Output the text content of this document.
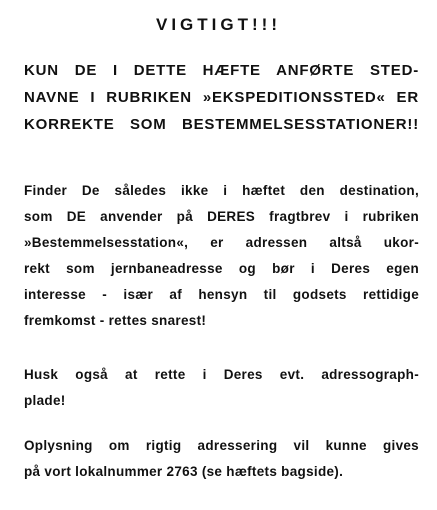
VIGTIGT!!!
KUN DE I DETTE HÆFTE ANFØRTE STED-
NAVNE I RUBRIKEN »EKSPEDITIONSSTED« ER
KORREKTE SOM BESTEMMELSESSTATIONER!!
Finder De således ikke i hæftet den destination,
som DE anvender på DERES fragtbrev i rubriken
»Bestemmelsesstation«, er adressen altså ukor-
rekt som jernbaneadresse og bør i Deres egen
interesse - især af hensyn til godsets rettidige
fremkomst - rettes snarest!
Husk også at rette i Deres evt. adressograph-
plade!
Oplysning om rigtig adressering vil kunne gives
på vort lokalnummer 2763 (se hæftets bagside).
